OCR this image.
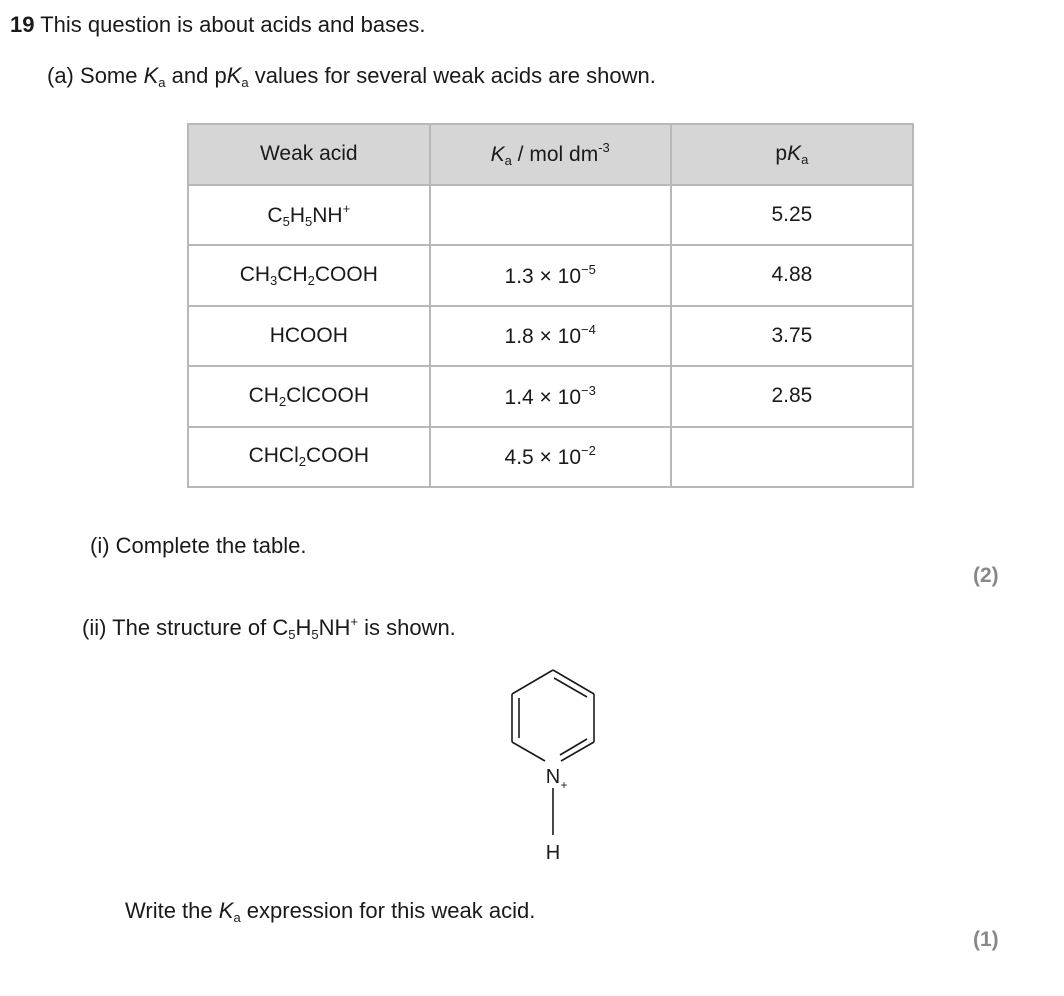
19 This question is about acids and bases.
(a) Some $K_a$ and $pK_a$ values for several weak acids are shown.
Weak acid	$K_a$ / mol $dm^{-3}$	$pK_a$
$C_5H_5NH^+$		5.25
$CH_3CH_2COOH$	$1.3 \times 10^{-5}$	4.88
HCOOH	$1.8 \times 10^{-4}$	3.75
$CH_2ClCOOH$	$1.4 \times 10^{-3}$	2.85
CHCl$_2$COOH	$4.5 \times 10^{-2}$	
(i) Complete the table.
(2)
(ii) The structure of $C_5H_5NH^+$ is shown.
N +
H
Write the $K_a$ expression for this weak acid.
(1)
